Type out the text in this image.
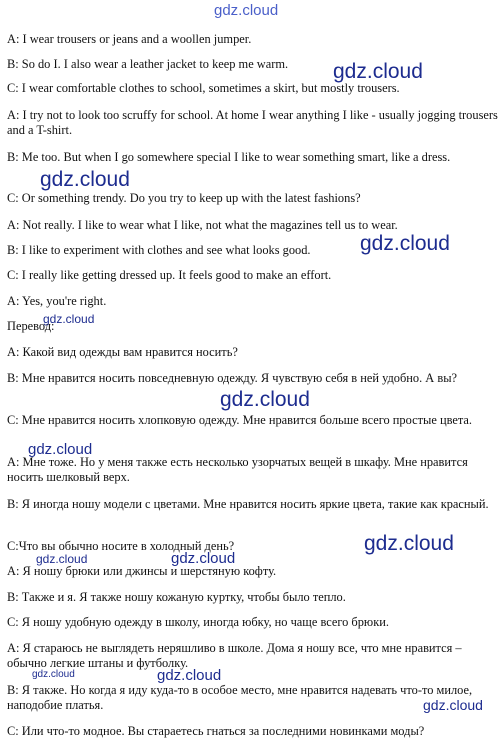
gdz.cloud
A: I wear trousers or jeans and a woollen jumper.
B: So do I. I also wear a leather jacket to keep me warm.
C: I wear comfortable clothes to school, sometimes a skirt, but mostly trousers.
A: I try not to look too scruffy for school. At home I wear anything I like - usually jogging trousers and a T-shirt.
B: Me too. But when I go somewhere special I like to wear something smart, like a dress.
C: Or something trendy. Do you try to keep up with the latest fashions?
A: Not really. I like to wear what I like, not what the magazines tell us to wear.
B: I like to experiment with clothes and see what looks good.
C: I really like getting dressed up. It feels good to make an effort.
A: Yes, you're right.
Перевод:
А: Какой вид одежды вам нравится носить?
В: Мне нравится носить повседневную одежду. Я чувствую себя в ней удобно. А вы?
С: Мне нравится носить хлопковую одежду. Мне нравится больше всего простые цвета.
А: Мне тоже. Но у меня также есть несколько узорчатых вещей в шкафу. Мне нравится носить шелковый верх.
В: Я иногда ношу модели с цветами. Мне нравится носить яркие цвета, такие как красный.
С:Что вы обычно носите в холодный день?
А: Я ношу брюки или джинсы и шерстяную кофту.
В: Также и я. Я также ношу кожаную куртку, чтобы было тепло.
С: Я ношу удобную одежду в школу, иногда юбку, но чаще всего брюки.
А: Я стараюсь не выглядеть неряшливо в школе. Дома я ношу все, что мне нравится – обычно легкие штаны и футболку.
В: Я также. Но когда я иду куда-то в особое место, мне нравится надевать что-то милое, наподобие платья.
С: Или что-то модное. Вы стараетесь гнаться за последними новинками моды?
gdz.cloud
gdz.cloud
gdz.cloud
gdz.cloud
gdz.cloud
gdz.cloud
gdz.cloud
gdz.cloud	gdz.cloud
gdz.cloud	gdz.cloud
gdz.cloud
